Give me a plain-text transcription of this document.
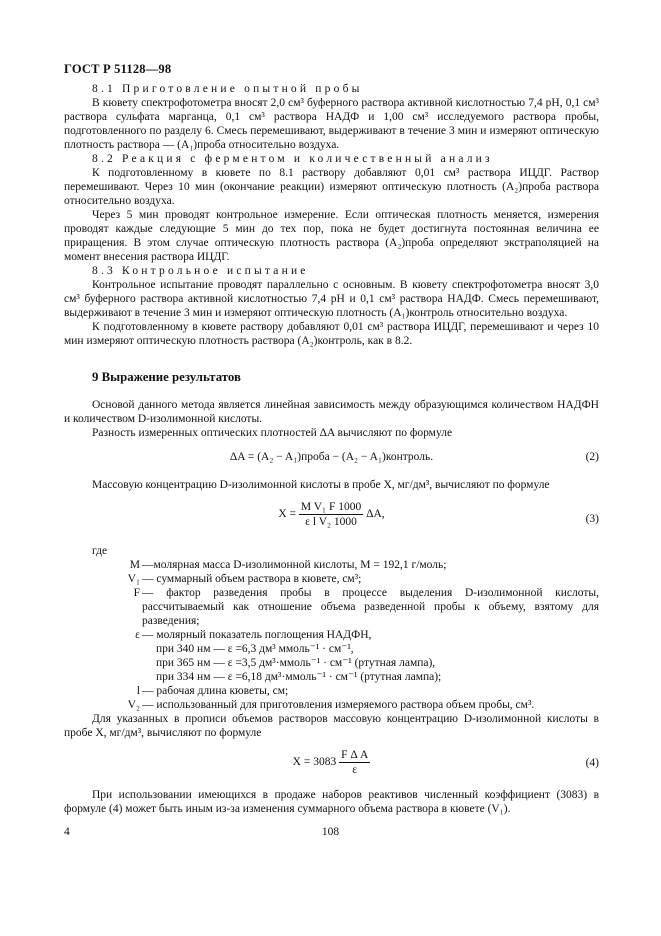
ГОСТ Р 51128—98

8.1 Приготовление опытной пробы

В кювету спектрофотометра вносят 2,0 см³ буферного раствора активной кислотностью 7,4 pH, 0,1 см³ раствора сульфата марганца, 0,1 см³ раствора НАДФ и 1,00 см³ исследуемого раствора пробы, подготовленного по разделу 6. Смесь перемешивают, выдерживают в течение 3 мин и измеряют оптическую плотность раствора — (A₁)проба относительно воздуха.

8.2 Реакция с ферментом и количественный анализ

К подготовленному в кювете по 8.1 раствору добавляют 0,01 см³ раствора ИЦДГ. Раствор перемешивают. Через 10 мин (окончание реакции) измеряют оптическую плотность (A₂)проба раствора относительно воздуха.

Через 5 мин проводят контрольное измерение. Если оптическая плотность меняется, измерения проводят каждые следующие 5 мин до тех пор, пока не будет достигнута постоянная величина ее приращения. В этом случае оптическую плотность раствора (A₂)проба определяют экстраполяцией на момент внесения раствора ИЦДГ.

8.3 Контрольное испытание

Контрольное испытание проводят параллельно с основным. В кювету спектрофотометра вносят 3,0 см³ буферного раствора активной кислотностью 7,4 pH и 0,1 см³ раствора НАДФ. Смесь перемешивают, выдерживают в течение 3 мин и измеряют оптическую плотность (A₁)контроль относительно воздуха.

К подготовленному в кювете раствору добавляют 0,01 см³ раствора ИЦДГ, перемешивают и через 10 мин измеряют оптическую плотность раствора (A₂)контроль, как в 8.2.

9 Выражение результатов

Основой данного метода является линейная зависимость между образующимся количеством НАДФН и количеством D-изолимонной кислоты.

Разность измеренных оптических плотностей ΔA вычисляют по формуле

ΔA = (A₂ − A₁)проба − (A₂ − A₁)контроль.	(2)

Массовую концентрацию D-изолимонной кислоты в пробе X, мг/дм³, вычисляют по формуле

$X = \frac{\text{M V₁ F 1000}}{\text{ε l V₂ 1000}} \Delta A$,	(3)
где
M —молярная масса D-изолимонной кислоты, M = 192,1 г/моль;
V₁ — суммарный объем раствора в кювете, см³;
F — фактор разведения пробы в процессе выделения D-изолимонной кислоты, рассчитываемый как отношение объема разведенной пробы к объему, взятому для разведения;
ε — молярный показатель поглощения НАДФН,
при 340 нм — ε =6,3 дм³ ммоль⁻¹ · см⁻¹,
при 365 нм — ε =3,5 дм³·ммоль⁻¹ · см⁻¹ (ртутная лампа),
при 334 нм — ε =6,18 дм³·ммоль⁻¹ · см⁻¹ (ртутная лампа);
l — рабочая длина кюветы, см;
V₂ — использованный для приготовления измеряемого раствора объем пробы, см³.

Для указанных в прописи объемов растворов массовую концентрацию D-изолимонной кислоты в пробе X, мг/дм³, вычисляют по формуле

$X = 3083 \frac{\text{F Δ A}}{\varepsilon}$	(4)

При использовании имеющихся в продаже наборов реактивов численный коэффициент (3083) в формуле (4) может быть иным из-за изменения суммарного объема раствора в кювете (V₁).

4	108
